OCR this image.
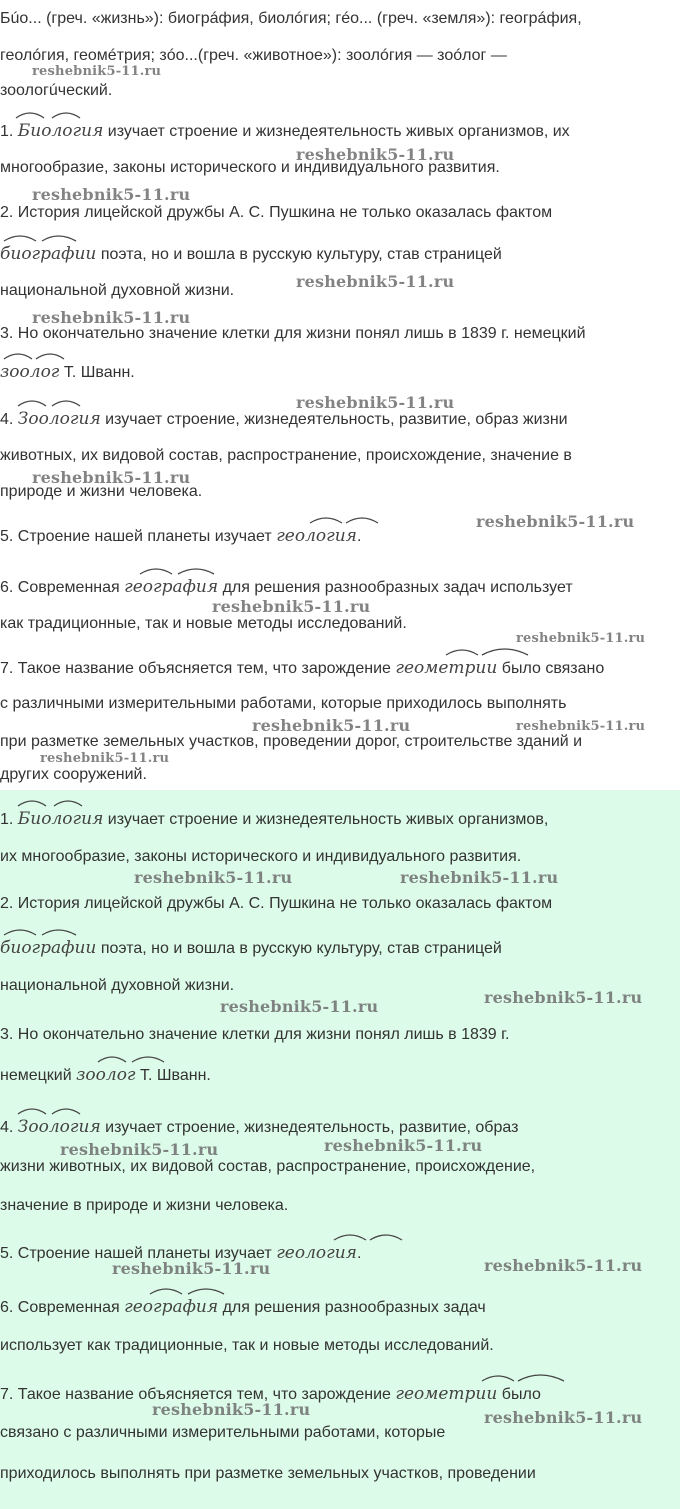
Бúо... (греч. «жизнь»): биогрáфия, биолóгия; гéо... (греч. «земля»): геогрáфия,
геолóгия, геомéтрия; зóо...(греч. «животное»): зоолóгия — зоóлог —
зоологúческий.
1. Биология изучает строение и жизнедеятельность живых организмов, их
многообразие, законы исторического и индивидуального развития.
2. История лицейской дружбы А. С. Пушкина не только оказалась фактом
биографии поэта, но и вошла в русскую культуру, став страницей
национальной духовной жизни.
3. Но окончательно значение клетки для жизни понял лишь в 1839 г. немецкий
зоолог Т. Шванн.
4. Зоология изучает строение, жизнедеятельность, развитие, образ жизни
животных, их видовой состав, распространение, происхождение, значение в
природе и жизни человека.
5. Строение нашей планеты изучает геология.
6. Современная география для решения разнообразных задач использует
как традиционные, так и новые методы исследований.
7. Такое название объясняется тем, что зарождение геометрии было связано
с различными измерительными работами, которые приходилось выполнять
при разметке земельных участков, проведении дорог, строительстве зданий и
других сооружений.
reshebnik5-11.ru
reshebnik5-11.ru
reshebnik5-11.ru
reshebnik5-11.ru
reshebnik5-11.ru
reshebnik5-11.ru
reshebnik5-11.ru
reshebnik5-11.ru
reshebnik5-11.ru
reshebnik5-11.ru
reshebnik5-11.ru	reshebnik5-11.ru
reshebnik5-11.ru
1. Биология изучает строение и жизнедеятельность живых организмов,
их многообразие, законы исторического и индивидуального развития.
2. История лицейской дружбы А. С. Пушкина не только оказалась фактом
биографии поэта, но и вошла в русскую культуру, став страницей
национальной духовной жизни.
3. Но окончательно значение клетки для жизни понял лишь в 1839 г.
немецкий зоолог Т. Шванн.
4. Зоология изучает строение, жизнедеятельность, развитие, образ
жизни животных, их видовой состав, распространение, происхождение,
значение в природе и жизни человека.
5. Строение нашей планеты изучает геология.
6. Современная география для решения разнообразных задач
использует как традиционные, так и новые методы исследований.
7. Такое название объясняется тем, что зарождение геометрии было
связано с различными измерительными работами, которые
приходилось выполнять при разметке земельных участков, проведении
reshebnik5-11.ru	reshebnik5-11.ru
reshebnik5-11.ru	reshebnik5-11.ru
reshebnik5-11.ru	reshebnik5-11.ru
reshebnik5-11.ru	reshebnik5-11.ru
reshebnik5-11.ru	reshebnik5-11.ru
